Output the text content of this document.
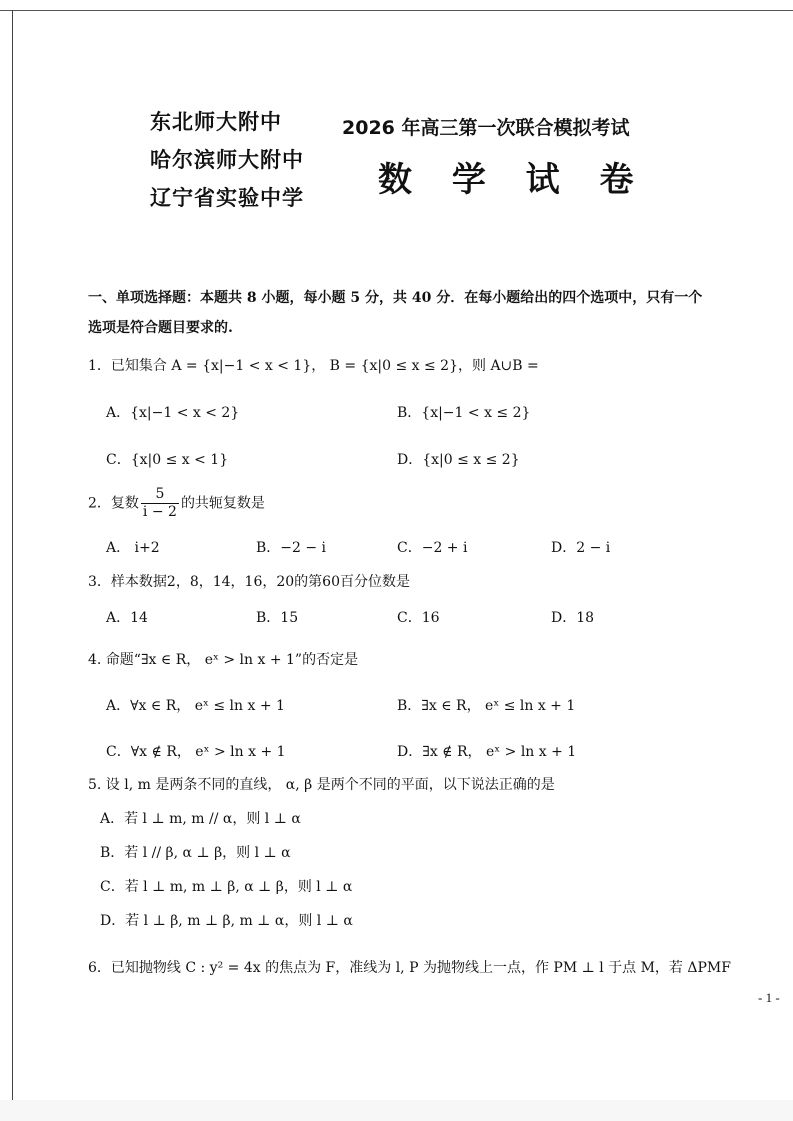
东北师大附中
哈尔滨师大附中
辽宁省实验中学
2026 年高三第一次联合模拟考试
数 学 试 卷
一、单项选择题：本题共 8 小题，每小题 5 分，共 40 分．在每小题给出的四个选项中，只有一个
选项是符合题目要求的.
1．已知集合 A = {x|−1 < x < 1}， B = {x|0 ≤ x ≤ 2}，则 A∪B =
A．{x|−1 < x < 2}	B．{x|−1 < x ≤ 2}
C．{x|0 ≤ x < 1}	D．{x|0 ≤ x ≤ 2}
2．复数 $\frac{5}{i - 2}$ 的共轭复数是
A． i+2	B．−2 − i	C．−2 + i	D．2 − i
3．样本数据2，8，14，16，20的第60百分位数是
A．14	B．15	C．16	D．18
4. 命题“∃x ∈ R， eˣ > ln x + 1”的否定是
A．∀x ∈ R， eˣ ≤ ln x + 1	B．∃x ∈ R， eˣ ≤ ln x + 1
C．∀x ∉ R， eˣ > ln x + 1	D．∃x ∉ R， eˣ > ln x + 1
5. 设 l, m 是两条不同的直线， α, β 是两个不同的平面，以下说法正确的是
A．若 l ⊥ m, m // α，则 l ⊥ α
B．若 l // β, α ⊥ β，则 l ⊥ α
C．若 l ⊥ m, m ⊥ β, α ⊥ β，则 l ⊥ α
D．若 l ⊥ β, m ⊥ β, m ⊥ α，则 l ⊥ α
6．已知抛物线 C : y² = 4x 的焦点为 F，准线为 l, P 为抛物线上一点，作 PM ⊥ l 于点 M，若 ΔPMF
- 1 -
